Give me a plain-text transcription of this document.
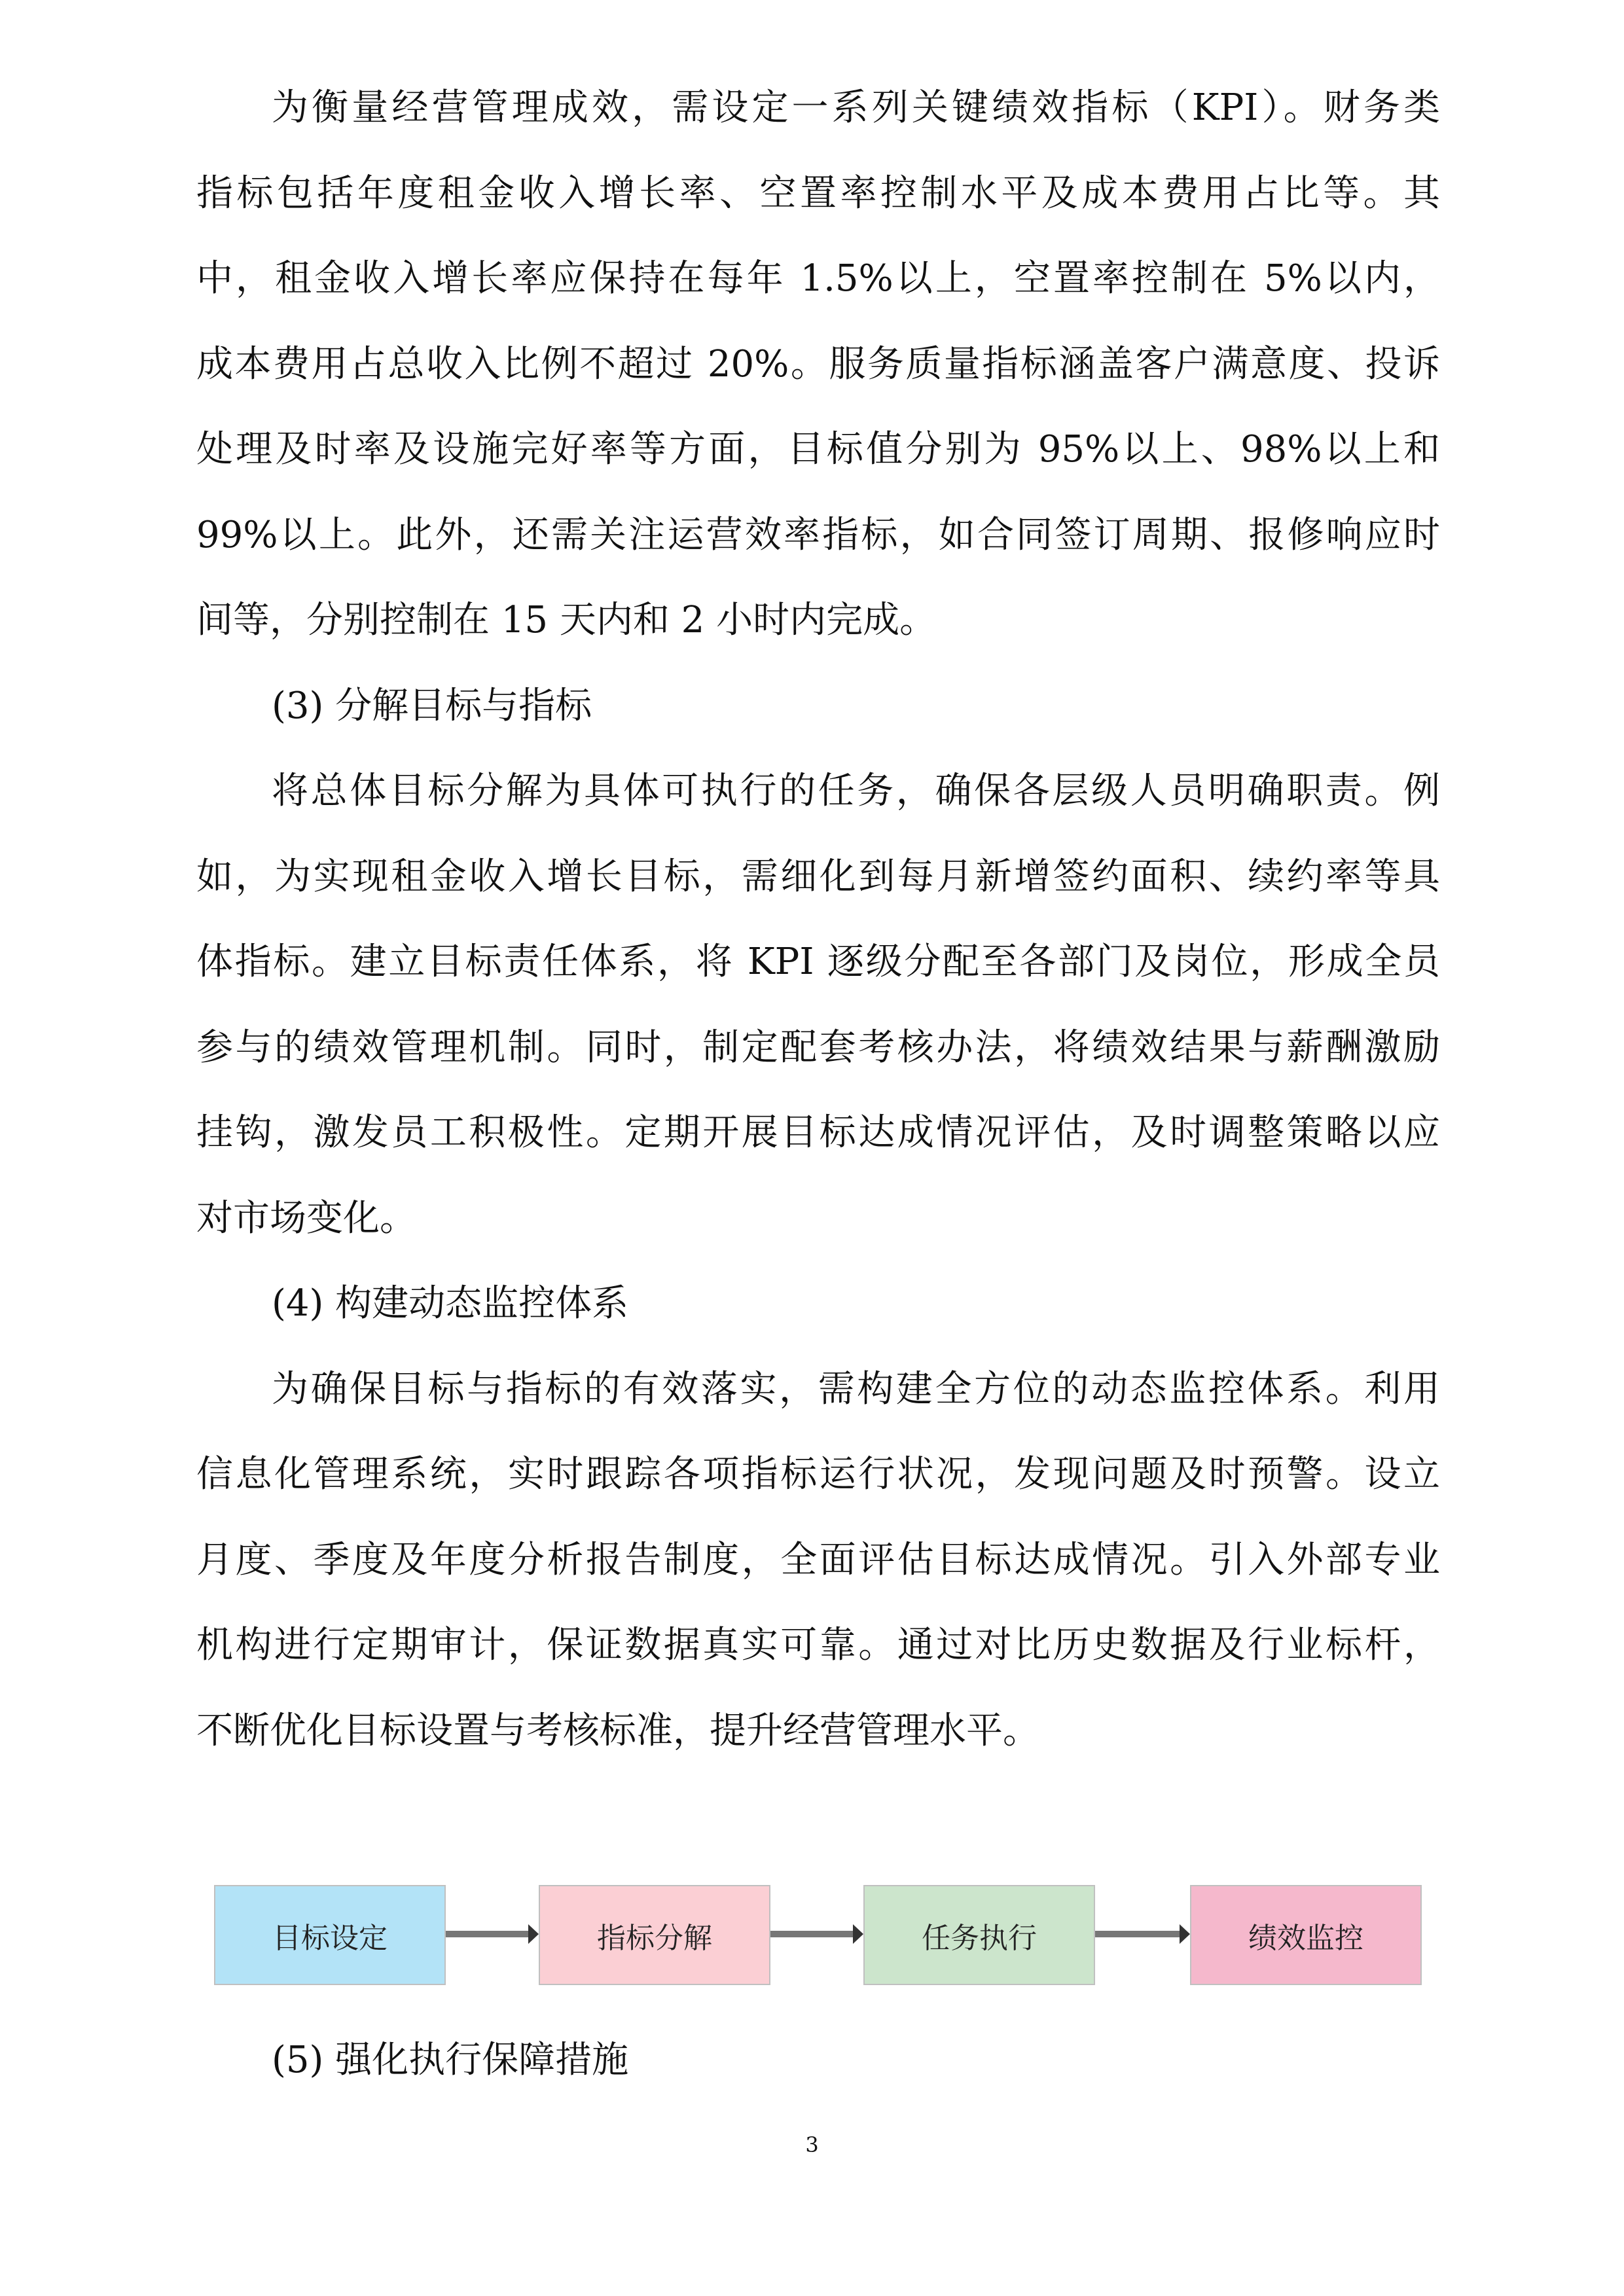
为衡量经营管理成效，需设定一系列关键绩效指标（KPI）。财务类
指标包括年度租金收入增长率、空置率控制水平及成本费用占比等。其
中，租金收入增长率应保持在每年 1.5%以上，空置率控制在 5%以内，
成本费用占总收入比例不超过 20%。服务质量指标涵盖客户满意度、投诉
处理及时率及设施完好率等方面，目标值分别为 95%以上、98%以上和
99%以上。此外，还需关注运营效率指标，如合同签订周期、报修响应时
间等，分别控制在 15 天内和 2 小时内完成。
(3) 分解目标与指标
将总体目标分解为具体可执行的任务，确保各层级人员明确职责。例
如，为实现租金收入增长目标，需细化到每月新增签约面积、续约率等具
体指标。建立目标责任体系，将 KPI 逐级分配至各部门及岗位，形成全员
参与的绩效管理机制。同时，制定配套考核办法，将绩效结果与薪酬激励
挂钩，激发员工积极性。定期开展目标达成情况评估，及时调整策略以应
对市场变化。
(4) 构建动态监控体系
为确保目标与指标的有效落实，需构建全方位的动态监控体系。利用
信息化管理系统，实时跟踪各项指标运行状况，发现问题及时预警。设立
月度、季度及年度分析报告制度，全面评估目标达成情况。引入外部专业
机构进行定期审计，保证数据真实可靠。通过对比历史数据及行业标杆，
不断优化目标设置与考核标准，提升经营管理水平。
目标设定	指标分解	任务执行	绩效监控
(5) 强化执行保障措施
3
